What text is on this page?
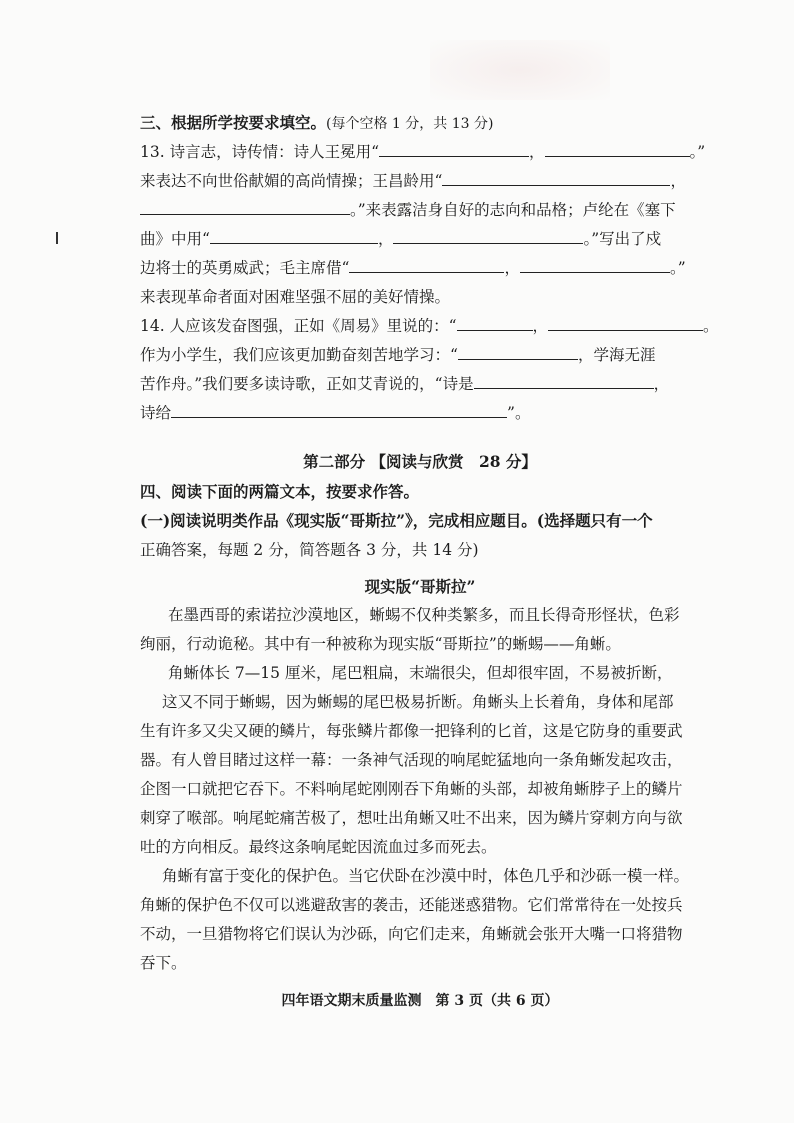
三、根据所学按要求填空。(每个空格 1 分，共 13 分)
13. 诗言志，诗传情：诗人王冕用“	，	。”
来表达不向世俗献媚的高尚情操；王昌龄用“	，
。”来表露洁身自好的志向和品格；卢纶在《塞下
曲》中用“	，	。”写出了戍
边将士的英勇威武；毛主席借“	，	。”
来表现革命者面对困难坚强不屈的美好情操。
14. 人应该发奋图强，正如《周易》里说的：“	，	。
作为小学生，我们应该更加勤奋刻苦地学习：“	，学海无涯
苦作舟。”我们要多读诗歌，正如艾青说的，“诗是	，
诗给	”。
第二部分 【阅读与欣赏　28 分】
四、阅读下面的两篇文本，按要求作答。
(一)阅读说明类作品《现实版“哥斯拉”》，完成相应题目。(选择题只有一个
正确答案，每题 2 分，简答题各 3 分，共 14 分)
现实版“哥斯拉”
在墨西哥的索诺拉沙漠地区，蜥蜴不仅种类繁多，而且长得奇形怪状，色彩
绚丽，行动诡秘。其中有一种被称为现实版“哥斯拉”的蜥蜴——角蜥。
角蜥体长 7—15 厘米，尾巴粗扁，末端很尖，但却很牢固，不易被折断，
这又不同于蜥蜴，因为蜥蜴的尾巴极易折断。角蜥头上长着角，身体和尾部
生有许多又尖又硬的鳞片，每张鳞片都像一把锋利的匕首，这是它防身的重要武
器。有人曾目睹过这样一幕：一条神气活现的响尾蛇猛地向一条角蜥发起攻击，
企图一口就把它吞下。不料响尾蛇刚刚吞下角蜥的头部，却被角蜥脖子上的鳞片
刺穿了喉部。响尾蛇痛苦极了，想吐出角蜥又吐不出来，因为鳞片穿刺方向与欲
吐的方向相反。最终这条响尾蛇因流血过多而死去。
角蜥有富于变化的保护色。当它伏卧在沙漠中时，体色几乎和沙砾一模一样。
角蜥的保护色不仅可以逃避敌害的袭击，还能迷惑猎物。它们常常待在一处按兵
不动，一旦猎物将它们误认为沙砾，向它们走来，角蜥就会张开大嘴一口将猎物
吞下。
四年语文期末质量监测　第 3 页（共 6 页）
